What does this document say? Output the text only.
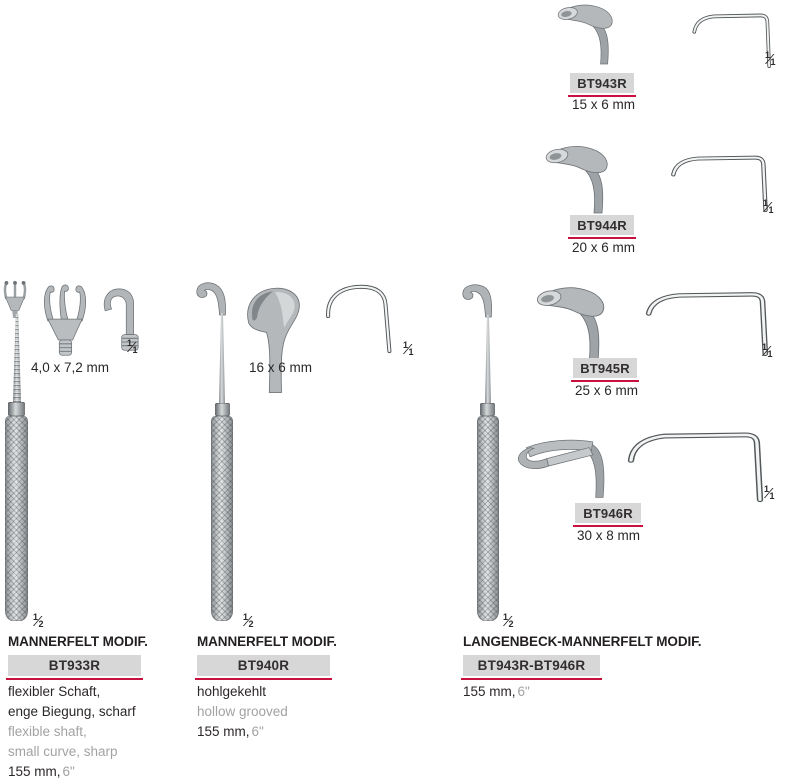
1⁄1
BT943R
15 x 6 mm
1⁄1
BT944R
20 x 6 mm
1⁄1
BT945R
25 x 6 mm
1⁄1
BT946R
30 x 8 mm
1⁄1
4,0 x 7,2 mm
1⁄2
16 x 6 mm
1⁄1
1⁄2
1⁄2
MANNERFELT MODIF.
BT933R
flexibler Schaft,
enge Biegung, scharf
flexible shaft,
small curve, sharp
155 mm, 6"
MANNERFELT MODIF.
BT940R
hohlgekehlt
hollow grooved
155 mm, 6"
LANGENBECK-MANNERFELT MODIF.
BT943R-BT946R
155 mm, 6"
